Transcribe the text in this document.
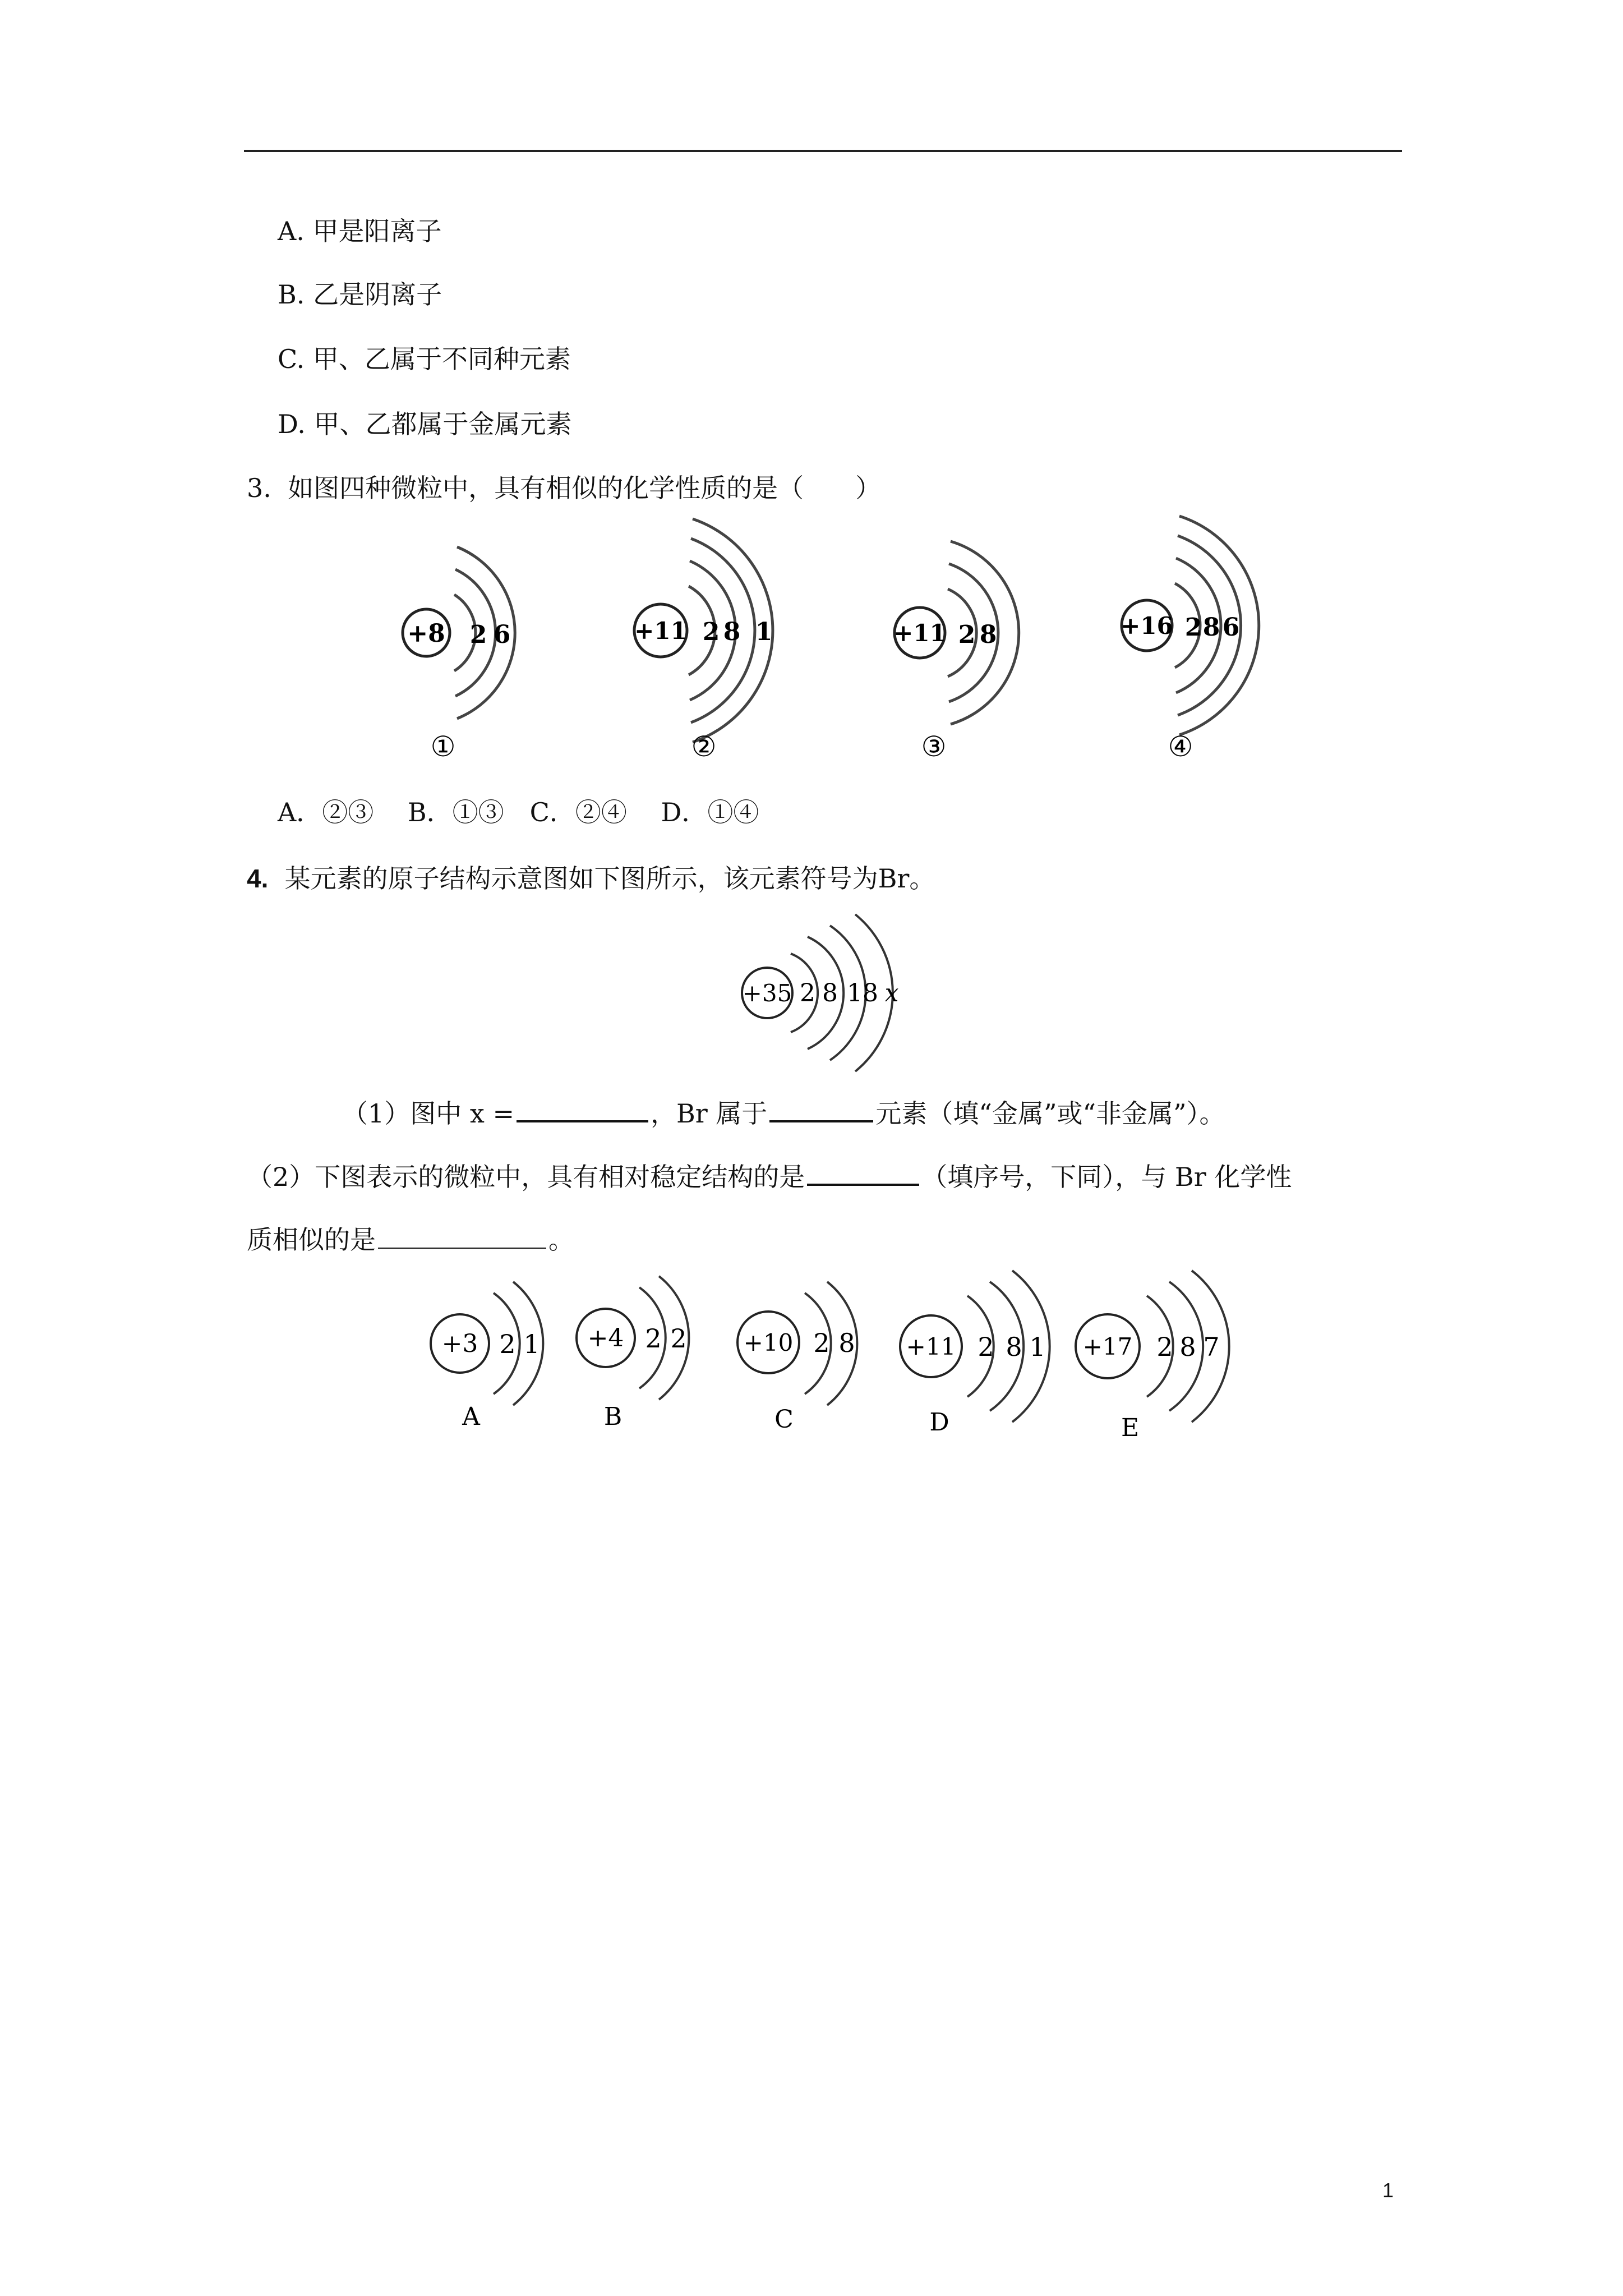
A. 甲是阳离子
B. 乙是阴离子
C. 甲、乙属于不同种元素
D. 甲、乙都属于金属元素
3. 如图四种微粒中，具有相似的化学性质的是（　　）
+8 2 6
①
+11 2 8 1
②
+11 2 8
③
+16 2 8 6
④
+35 2 8 18 x
+3 2 1
A
+4 2 2
B
+10 2 8
C
+11 2 8 1
D
+17 2 8 7
E
A．②③　 B．①③　C．②④　 D．①④
4. 某元素的原子结构示意图如下图所示，该元素符号为Br。
（1）图中 x =	，Br 属于	元素（填“金属”或“非金属”）。
（2）下图表示的微粒中，具有相对稳定结构的是	（填序号，下同），与 Br 化学性
质相似的是	。
1
